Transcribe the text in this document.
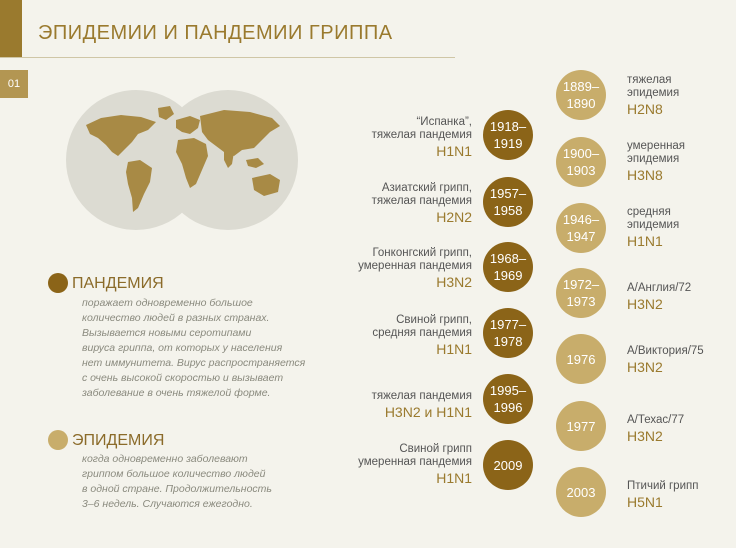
ЭПИДЕМИИ И ПАНДЕМИИ ГРИППА
01
ПАНДЕМИЯ
поражает одновременно большое
количество людей в разных странах.
Вызывается новыми серотипами
вируса гриппа, от которых у населения
нет иммунитета. Вирус распространяется
с очень высокой скоростью и вызывает
заболевание в очень тяжелой форме.
ЭПИДЕМИЯ
когда одновременно заболевают
гриппом большое количество людей
в одной стране. Продолжительность
3–6 недель. Случаются ежегодно.
1918–
1919
“Испанка”,
тяжелая пандемия
H1N1
1957–
1958
Азиатский грипп,
тяжелая пандемия
H2N2
1968–
1969
Гонконгский грипп,
умеренная пандемия
H3N2
1977–
1978
Свиной грипп,
средняя пандемия
H1N1
1995–
1996
тяжелая пандемия
H3N2 и H1N1
2009
Свиной грипп
умеренная пандемия
H1N1
1889–
1890
тяжелая
эпидемия
H2N8
1900–
1903
умеренная
эпидемия
H3N8
1946–
1947
средняя
эпидемия
H1N1
1972–
1973
А/Англия/72
H3N2
1976
А/Виктория/75
H3N2
1977	А/Техас/77
H3N2
2003	Птичий грипп
H5N1
